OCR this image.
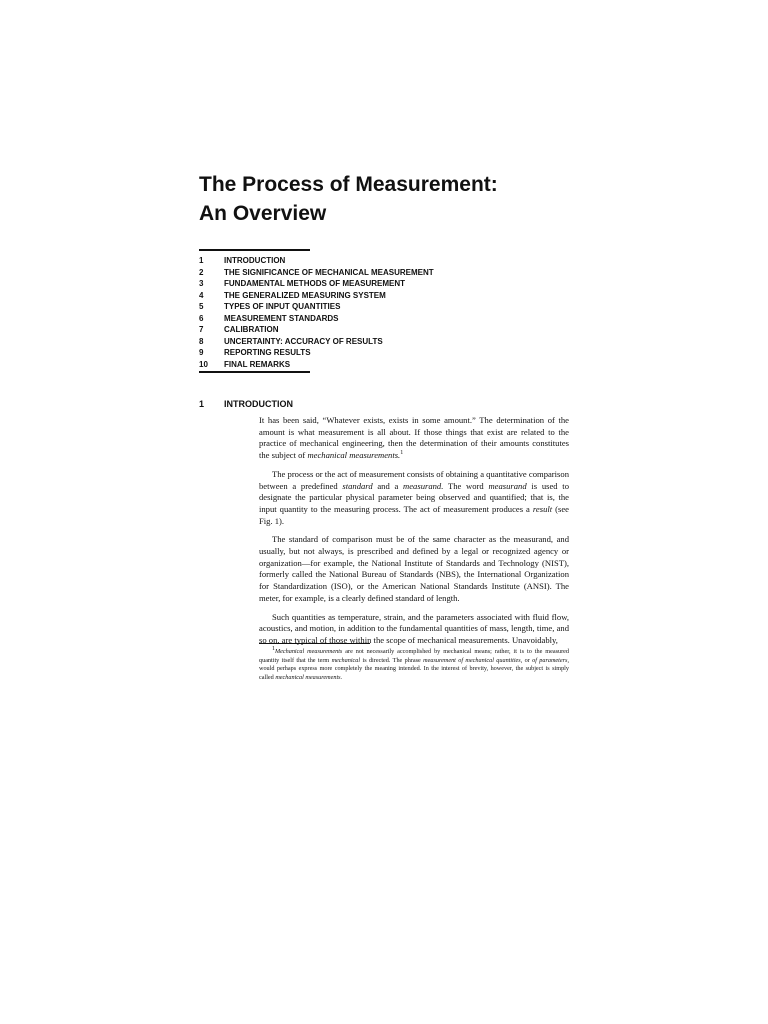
The Process of Measurement:
An Overview
1	INTRODUCTION
2	THE SIGNIFICANCE OF MECHANICAL MEASUREMENT
3	FUNDAMENTAL METHODS OF MEASUREMENT
4	THE GENERALIZED MEASURING SYSTEM
5	TYPES OF INPUT QUANTITIES
6	MEASUREMENT STANDARDS
7	CALIBRATION
8	UNCERTAINTY: ACCURACY OF RESULTS
9	REPORTING RESULTS
10	FINAL REMARKS
1	INTRODUCTION

It has been said, “Whatever exists, exists in some amount.” The determination of the amount is what measurement is all about. If those things that exist are related to the practice of mechanical engineering, then the determination of their amounts constitutes the subject of mechanical measurements.$^1$

The process or the act of measurement consists of obtaining a quantitative comparison between a predefined standard and a measurand. The word measurand is used to designate the particular physical parameter being observed and quantified; that is, the input quantity to the measuring process. The act of measurement produces a result (see Fig. 1).

The standard of comparison must be of the same character as the measurand, and usually, but not always, is prescribed and defined by a legal or recognized agency or organization—for example, the National Institute of Standards and Technology (NIST), formerly called the National Bureau of Standards (NBS), the International Organization for Standardization (ISO), or the American National Standards Institute (ANSI). The meter, for example, is a clearly defined standard of length.

Such quantities as temperature, strain, and the parameters associated with fluid flow, acoustics, and motion, in addition to the fundamental quantities of mass, length, time, and so on, are typical of those within the scope of mechanical measurements. Unavoidably,

$^1$Mechanical measurements are not necessarily accomplished by mechanical means; rather, it is to the measured quantity itself that the term mechanical is directed. The phrase measurement of mechanical quantities, or of parameters, would perhaps express more completely the meaning intended. In the interest of brevity, however, the subject is simply called mechanical measurements.
